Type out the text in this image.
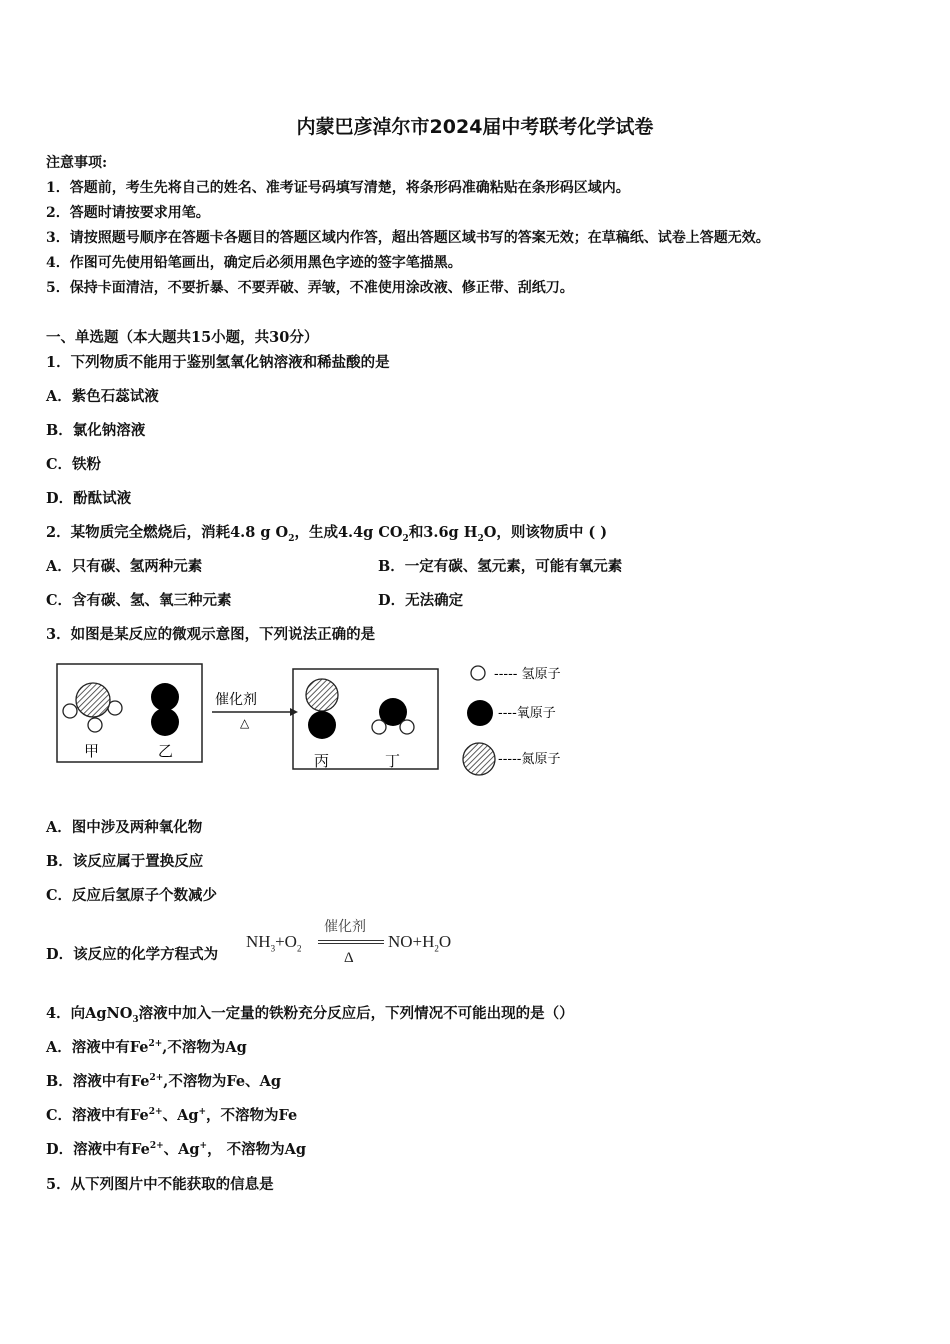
内蒙巴彦淖尔市2024届中考联考化学试卷
注意事项:
1．答题前，考生先将自己的姓名、准考证号码填写清楚，将条形码准确粘贴在条形码区域内。
2．答题时请按要求用笔。
3．请按照题号顺序在答题卡各题目的答题区域内作答，超出答题区域书写的答案无效；在草稿纸、试卷上答题无效。
4．作图可先使用铅笔画出，确定后必须用黑色字迹的签字笔描黑。
5．保持卡面清洁，不要折暴、不要弄破、弄皱，不准使用涂改液、修正带、刮纸刀。
一、单选题（本大题共15小题，共30分）
1．下列物质不能用于鉴别氢氧化钠溶液和稀盐酸的是
A．紫色石蕊试液
B．氯化钠溶液
C．铁粉
D．酚酞试液
2．某物质完全燃烧后，消耗4.8 g $O_2$，生成4.4g $CO_2$和3.6g $H_2O$，则该物质中 ( )
A．只有碳、氢两种元素	B．一定有碳、氢元素，可能有氧元素
C．含有碳、氢、氧三种元素	D．无法确定
3．如图是某反应的微观示意图，下列说法正确的是
甲	乙
催化剂
△
丙	丁
----- 氢原子
----氧原子
-----氮原子
A．图中涉及两种氧化物
B．该反应属于置换反应
C．反应后氢原子个数减少
D．该反应的化学方程式为
$NH_3+O_2$
催化剂
Δ
$NO+H_2O$
4．向AgNO$_3$溶液中加入一定量的铁粉充分反应后，下列情况不可能出现的是（）
A．溶液中有$Fe^{2+}$,不溶物为Ag
B．溶液中有$Fe^{2+}$,不溶物为Fe、Ag
C．溶液中有$Fe^{2+}$、Ag+，不溶物为Fe
D．溶液中有$Fe^{2+}$、Ag+， 不溶物为Ag
5．从下列图片中不能获取的信息是
